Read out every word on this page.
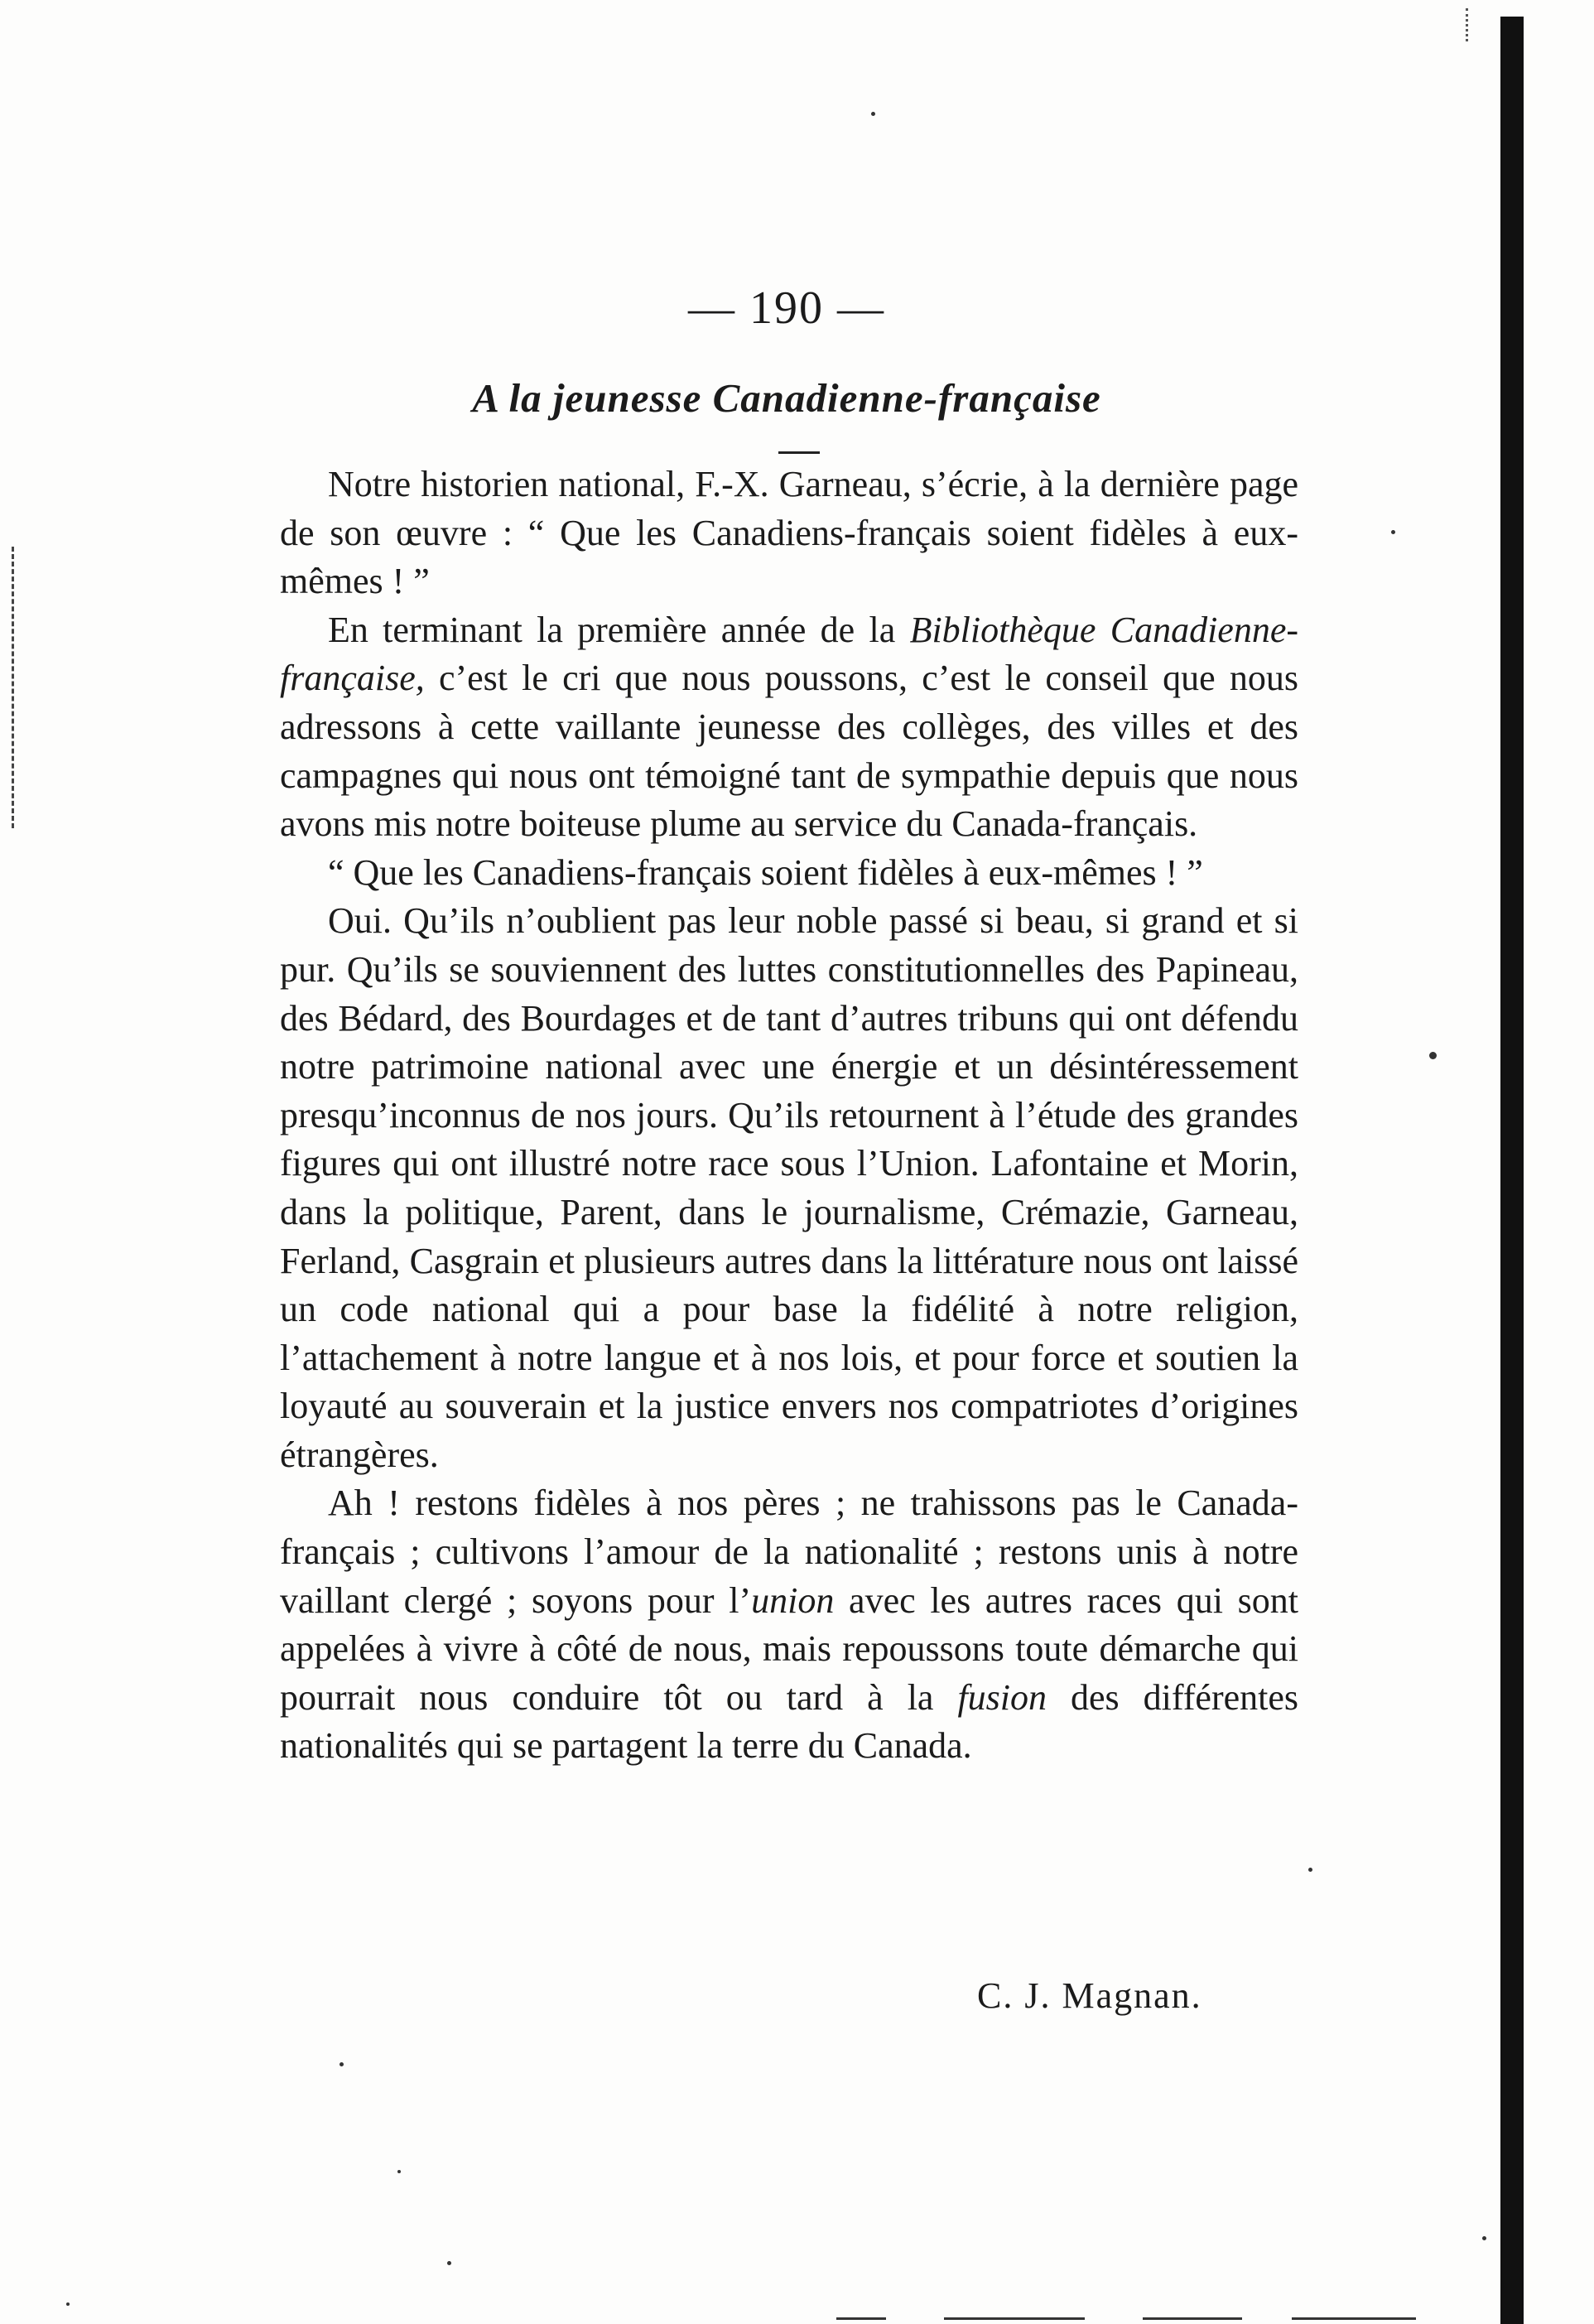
— 190 —
A la jeunesse Canadienne-française

Notre historien national, F.-X. Garneau, s’écrie, à la dernière page de son œuvre : “ Que les Canadiens-français soient fidèles à eux-mêmes ! ”

En terminant la première année de la Bibliothèque Canadienne-française, c’est le cri que nous poussons, c’est le conseil que nous adressons à cette vaillante jeunesse des collèges, des villes et des campagnes qui nous ont témoigné tant de sympathie depuis que nous avons mis notre boiteuse plume au service du Canada-français.

“ Que les Canadiens-français soient fidèles à eux-mêmes ! ”

Oui. Qu’ils n’oublient pas leur noble passé si beau, si grand et si pur. Qu’ils se souviennent des luttes constitutionnelles des Papineau, des Bédard, des Bourdages et de tant d’autres tribuns qui ont défendu notre patrimoine national avec une énergie et un désintéressement presqu’inconnus de nos jours. Qu’ils retournent à l’étude des grandes figures qui ont illustré notre race sous l’Union. Lafontaine et Morin, dans la politique, Parent, dans le journalisme, Crémazie, Garneau, Ferland, Casgrain et plusieurs autres dans la littérature nous ont laissé un code national qui a pour base la fidélité à notre religion, l’attachement à notre langue et à nos lois, et pour force et soutien la loyauté au souverain et la justice envers nos compatriotes d’origines étrangères.

Ah ! restons fidèles à nos pères ; ne trahissons pas le Canada-français ; cultivons l’amour de la nationalité ; restons unis à notre vaillant clergé ; soyons pour l’union avec les autres races qui sont appelées à vivre à côté de nous, mais repoussons toute démarche qui pourrait nous conduire tôt ou tard à la fusion des différentes nationalités qui se partagent la terre du Canada.

C. J. Magnan.
